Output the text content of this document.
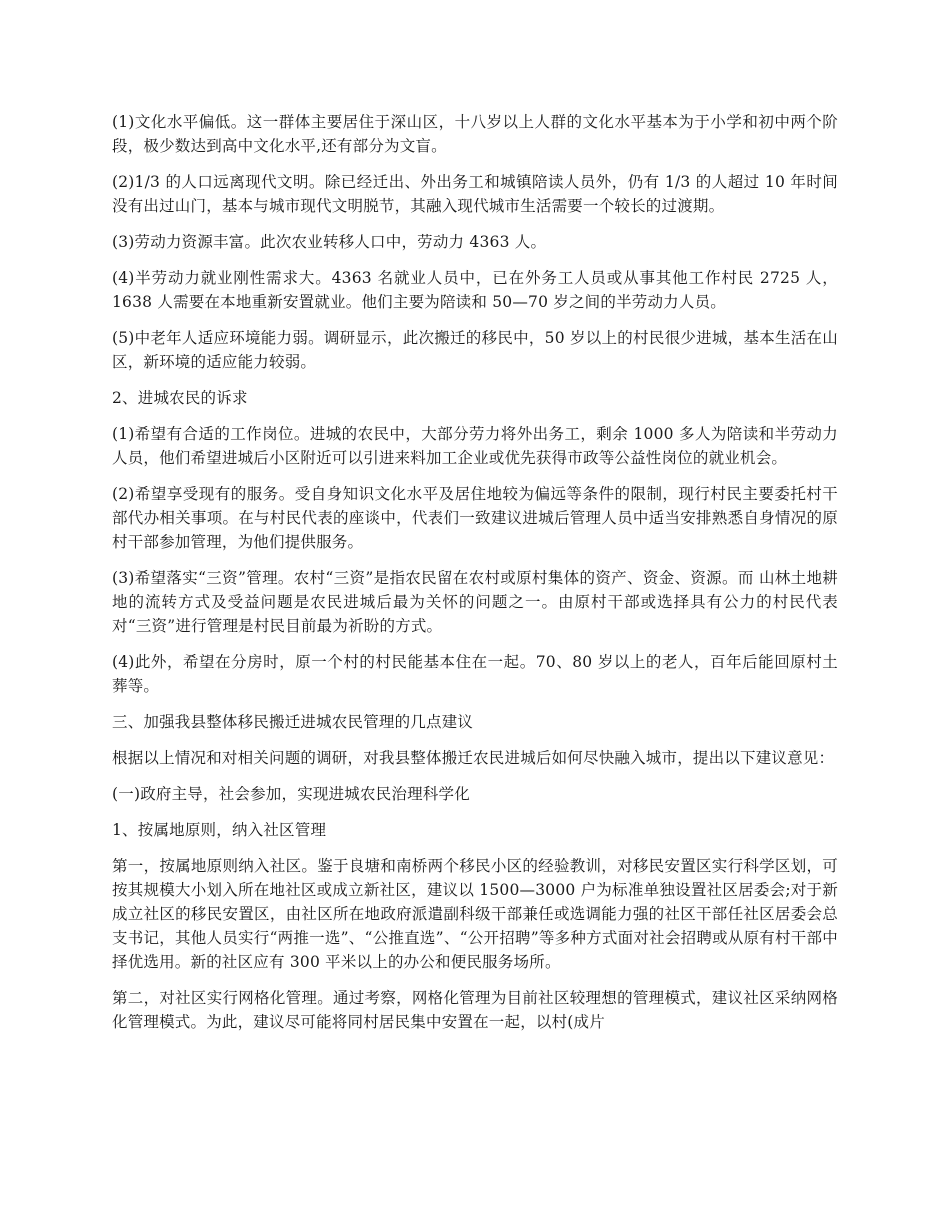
(1)文化水平偏低。这一群体主要居住于深山区，十八岁以上人群的文化水平基本为于小学和初中两个阶段，极少数达到高中文化水平,还有部分为文盲。

(2)1/3 的人口远离现代文明。除已经迁出、外出务工和城镇陪读人员外，仍有 1/3 的人超过 10 年时间没有出过山门，基本与城市现代文明脱节，其融入现代城市生活需要一个较长的过渡期。

(3)劳动力资源丰富。此次农业转移人口中，劳动力 4363 人。

(4)半劳动力就业刚性需求大。4363 名就业人员中，已在外务工人员或从事其他工作村民 2725 人，1638 人需要在本地重新安置就业。他们主要为陪读和 50—70 岁之间的半劳动力人员。

(5)中老年人适应环境能力弱。调研显示，此次搬迁的移民中，50 岁以上的村民很少进城，基本生活在山区，新环境的适应能力较弱。

2、进城农民的诉求

(1)希望有合适的工作岗位。进城的农民中，大部分劳力将外出务工，剩余 1000 多人为陪读和半劳动力人员，他们希望进城后小区附近可以引进来料加工企业或优先获得市政等公益性岗位的就业机会。

(2)希望享受现有的服务。受自身知识文化水平及居住地较为偏远等条件的限制，现行村民主要委托村干部代办相关事项。在与村民代表的座谈中，代表们一致建议进城后管理人员中适当安排熟悉自身情况的原村干部参加管理，为他们提供服务。

(3)希望落实“三资”管理。农村“三资”是指农民留在农村或原村集体的资产、资金、资源。而 山林土地耕地的流转方式及受益问题是农民进城后最为关怀的问题之一。由原村干部或选择具有公力的村民代表对“三资”进行管理是村民目前最为祈盼的方式。

(4)此外，希望在分房时，原一个村的村民能基本住在一起。70、80 岁以上的老人，百年后能回原村土葬等。

三、加强我县整体移民搬迁进城农民管理的几点建议

根据以上情况和对相关问题的调研，对我县整体搬迁农民进城后如何尽快融入城市，提出以下建议意见：

(一)政府主导，社会参加，实现进城农民治理科学化

1、按属地原则，纳入社区管理

第一，按属地原则纳入社区。鉴于良塘和南桥两个移民小区的经验教训，对移民安置区实行科学区划，可按其规模大小划入所在地社区或成立新社区，建议以 1500—3000 户为标准单独设置社区居委会;对于新成立社区的移民安置区，由社区所在地政府派遣副科级干部兼任或选调能力强的社区干部任社区居委会总支书记，其他人员实行“两推一选”、“公推直选”、“公开招聘”等多种方式面对社会招聘或从原有村干部中择优选用。新的社区应有 300 平米以上的办公和便民服务场所。

第二，对社区实行网格化管理。通过考察，网格化管理为目前社区较理想的管理模式，建议社区采纳网格化管理模式。为此，建议尽可能将同村居民集中安置在一起，以村(成片
